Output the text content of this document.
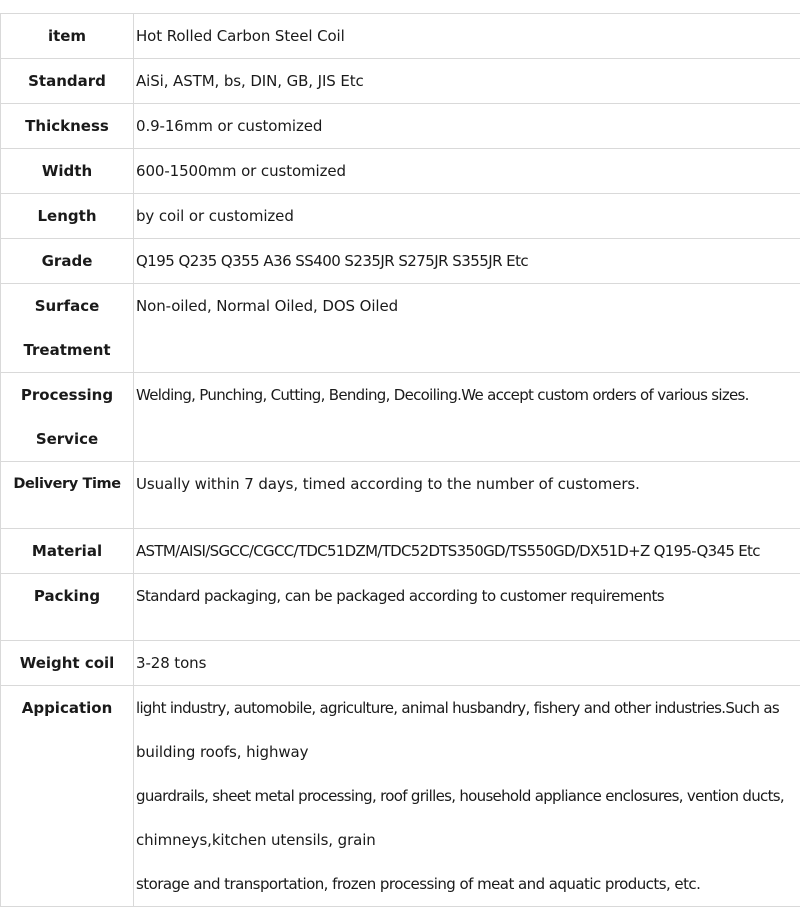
item	Hot Rolled Carbon Steel Coil

Standard	AiSi, ASTM, bs, DIN, GB, JIS Etc

Thickness	0.9-16mm or customized

Width	600-1500mm or customized

Length	by coil or customized

Grade	Q195 Q235 Q355 A36 SS400 S235JR S275JR S355JR Etc

Surface
Treatment	Non-oiled, Normal Oiled, DOS Oiled

Processing
Service	Welding, Punching, Cutting, Bending, Decoiling.We accept custom orders of various sizes.

Delivery Time	Usually within 7 days, timed according to the number of customers.

Material	ASTM/AISI/SGCC/CGCC/TDC51DZM/TDC52DTS350GD/TS550GD/DX51D+Z Q195-Q345 Etc

Packing	Standard packaging, can be packaged according to customer requirements

Weight coil	3-28 tons

Appication	light industry, automobile, agriculture, animal husbandry, fishery and other industries.Such as
building roofs, highway
guardrails, sheet metal processing, roof grilles, household appliance enclosures, vention ducts,
chimneys,kitchen utensils, grain
storage and transportation, frozen processing of meat and aquatic products, etc.
